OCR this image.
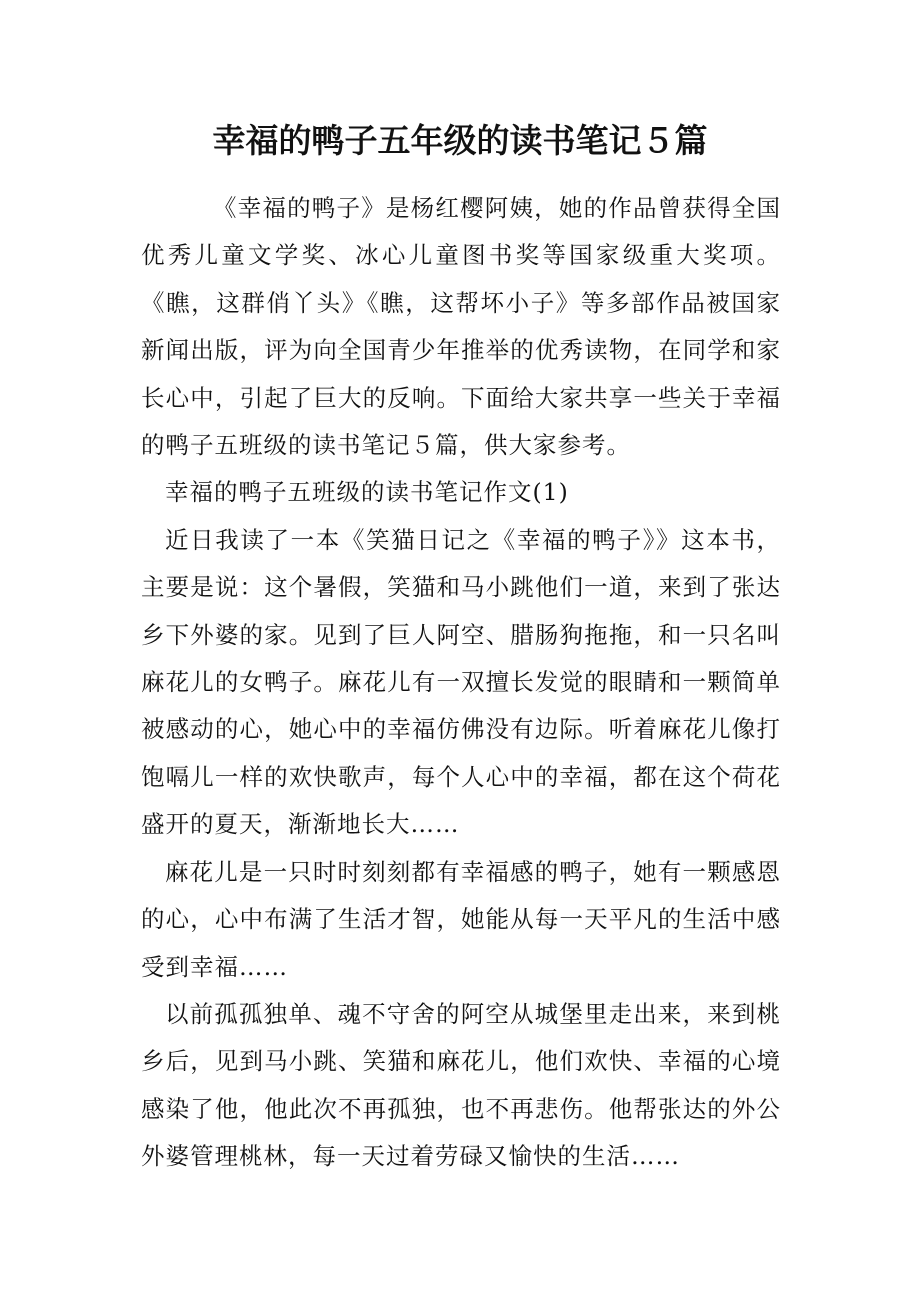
幸福的鸭子五年级的读书笔记５篇

《幸福的鸭子》是杨红樱阿姨，她的作品曾获得全国优秀儿童文学奖、冰心儿童图书奖等国家级重大奖项。《瞧，这群俏丫头》《瞧，这帮坏小子》等多部作品被国家新闻出版，评为向全国青少年推举的优秀读物，在同学和家长心中，引起了巨大的反响。下面给大家共享一些关于幸福的鸭子五班级的读书笔记５篇，供大家参考。

幸福的鸭子五班级的读书笔记作文(1)

近日我读了一本《笑猫日记之《幸福的鸭子》》这本书，主要是说：这个暑假，笑猫和马小跳他们一道，来到了张达乡下外婆的家。见到了巨人阿空、腊肠狗拖拖，和一只名叫麻花儿的女鸭子。麻花儿有一双擅长发觉的眼睛和一颗简单被感动的心，她心中的幸福仿佛没有边际。听着麻花儿像打饱嗝儿一样的欢快歌声，每个人心中的幸福，都在这个荷花盛开的夏天，渐渐地长大……

麻花儿是一只时时刻刻都有幸福感的鸭子，她有一颗感恩的心，心中布满了生活才智，她能从每一天平凡的生活中感受到幸福……

以前孤孤独单、魂不守舍的阿空从城堡里走出来，来到桃乡后，见到马小跳、笑猫和麻花儿，他们欢快、幸福的心境感染了他，他此次不再孤独，也不再悲伤。他帮张达的外公外婆管理桃林，每一天过着劳碌又愉快的生活……
